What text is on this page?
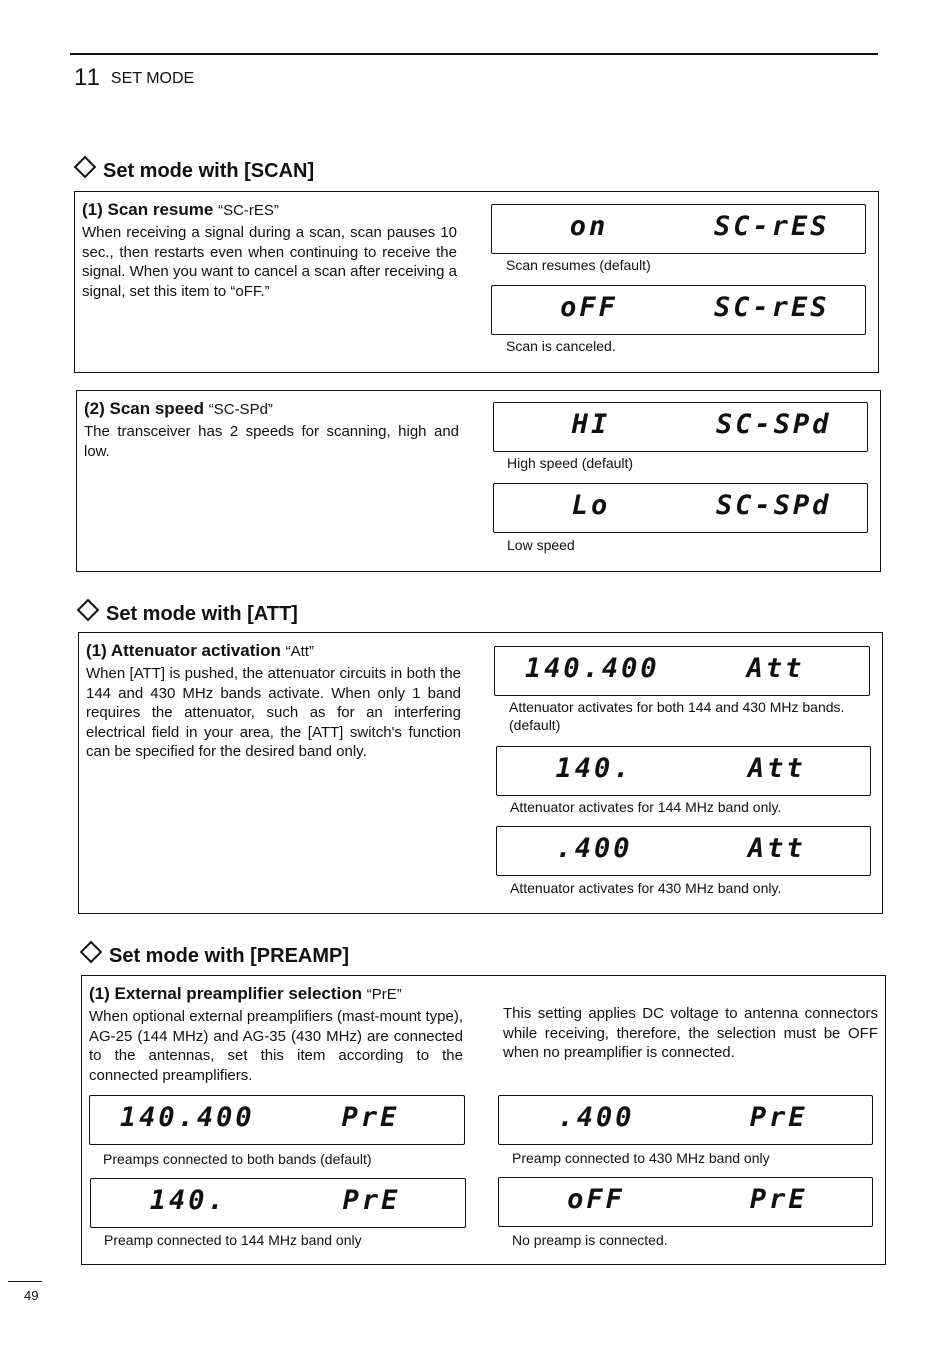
11 SET MODE
Set mode with [SCAN]
(1) Scan resume “SC-rES”
When receiving a signal during a scan, scan pauses 10 sec., then restarts even when continuing to receive the signal. When you want to cancel a scan after receiving a signal, set this item to “oFF.”
on	SC-rES
Scan resumes (default)
oFF	SC-rES
Scan is canceled.
(2) Scan speed “SC-SPd”
The transceiver has 2 speeds for scanning, high and low.
HI	SC-SPd
High speed (default)
Lo	SC-SPd
Low speed
Set mode with [ATT]
(1) Attenuator activation “Att”
When [ATT] is pushed, the attenuator circuits in both the 144 and 430 MHz bands activate. When only 1 band requires the attenuator, such as for an interfering electrical field in your area, the [ATT] switch's function can be specified for the desired band only.
140.400	Att
Attenuator activates for both 144 and 430 MHz bands. (default)
140.	Att
Attenuator activates for 144 MHz band only.
.400	Att
Attenuator activates for 430 MHz band only.
Set mode with [PREAMP]
(1) External preamplifier selection “PrE”
When optional external preamplifiers (mast-mount type), AG-25 (144 MHz) and AG-35 (430 MHz) are connected to the antennas, set this item according to the connected preamplifiers.
This setting applies DC voltage to antenna connectors while receiving, therefore, the selection must be OFF when no preamplifier is connected.
140.400	PrE
Preamps connected to both bands (default)
.400	PrE
Preamp connected to 430 MHz band only
140.	PrE
Preamp connected to 144 MHz band only
oFF	PrE
No preamp is connected.
49
